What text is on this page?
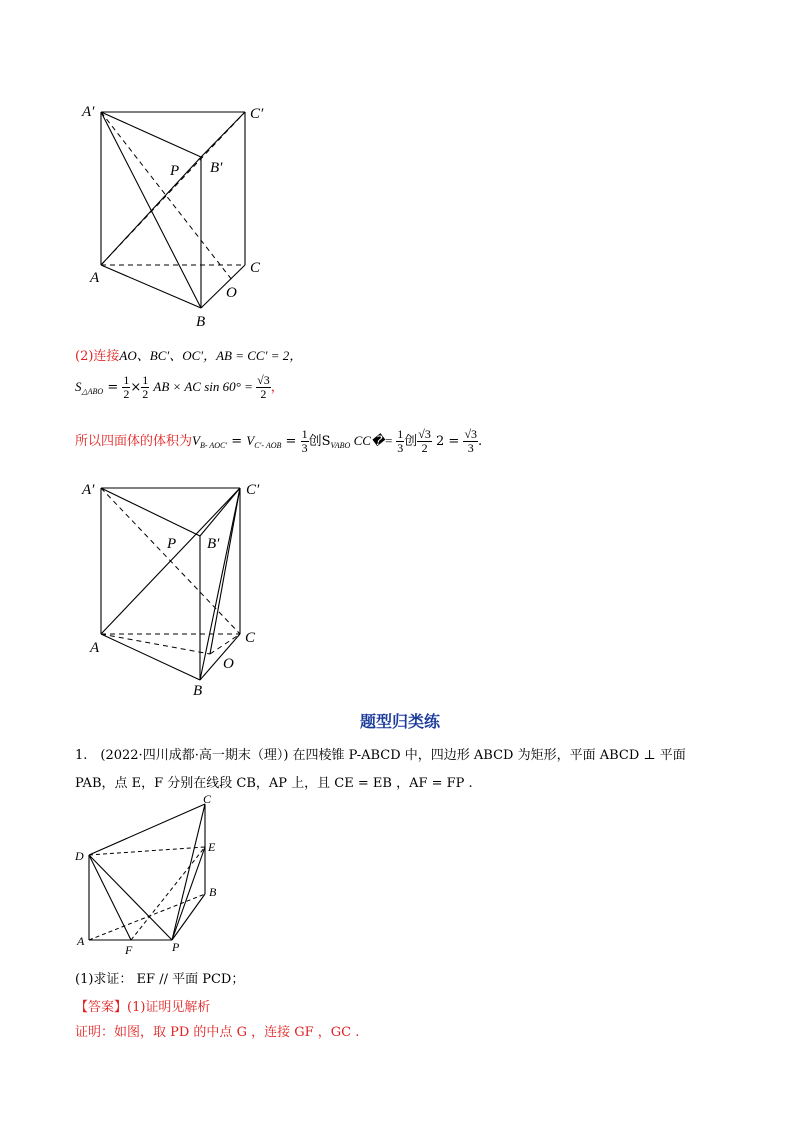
A′	C′
B′
P
A
C
O
B
(2)连接AO、BC′、OC′，AB = CC′ = 2，
$S_{\triangle ABO} = \frac{1}{2} \times \frac{1}{2}$ AB × AC $\sin 60^\circ = \frac{√3}{2}$ ，
所以四面体的体积为$V_{B- AOC'} = V_{C'- AOB} = \frac{1}{3}$ 创$S_{VABO}$ CC�= $\frac{1}{3}$ 创 $\frac{√3}{2} 2 = \frac{√3}{3}$ .
A′	C′
B′
P
A
C
O
B
题型归类练
1.　(2022·四川成都·高一期末（理）) 在四棱锥 P-ABCD 中，四边形 ABCD 为矩形，平面 ABCD ⊥ 平面
PAB，点 E，F 分别在线段 CB，AP 上，且 CE = EB ，AF = FP .
C
D
E
B
A
F	P
(1)求证： EF // 平面 PCD；
【答案】(1)证明见解析
证明：如图，取 PD 的中点 G ，连接 GF ，GC .
